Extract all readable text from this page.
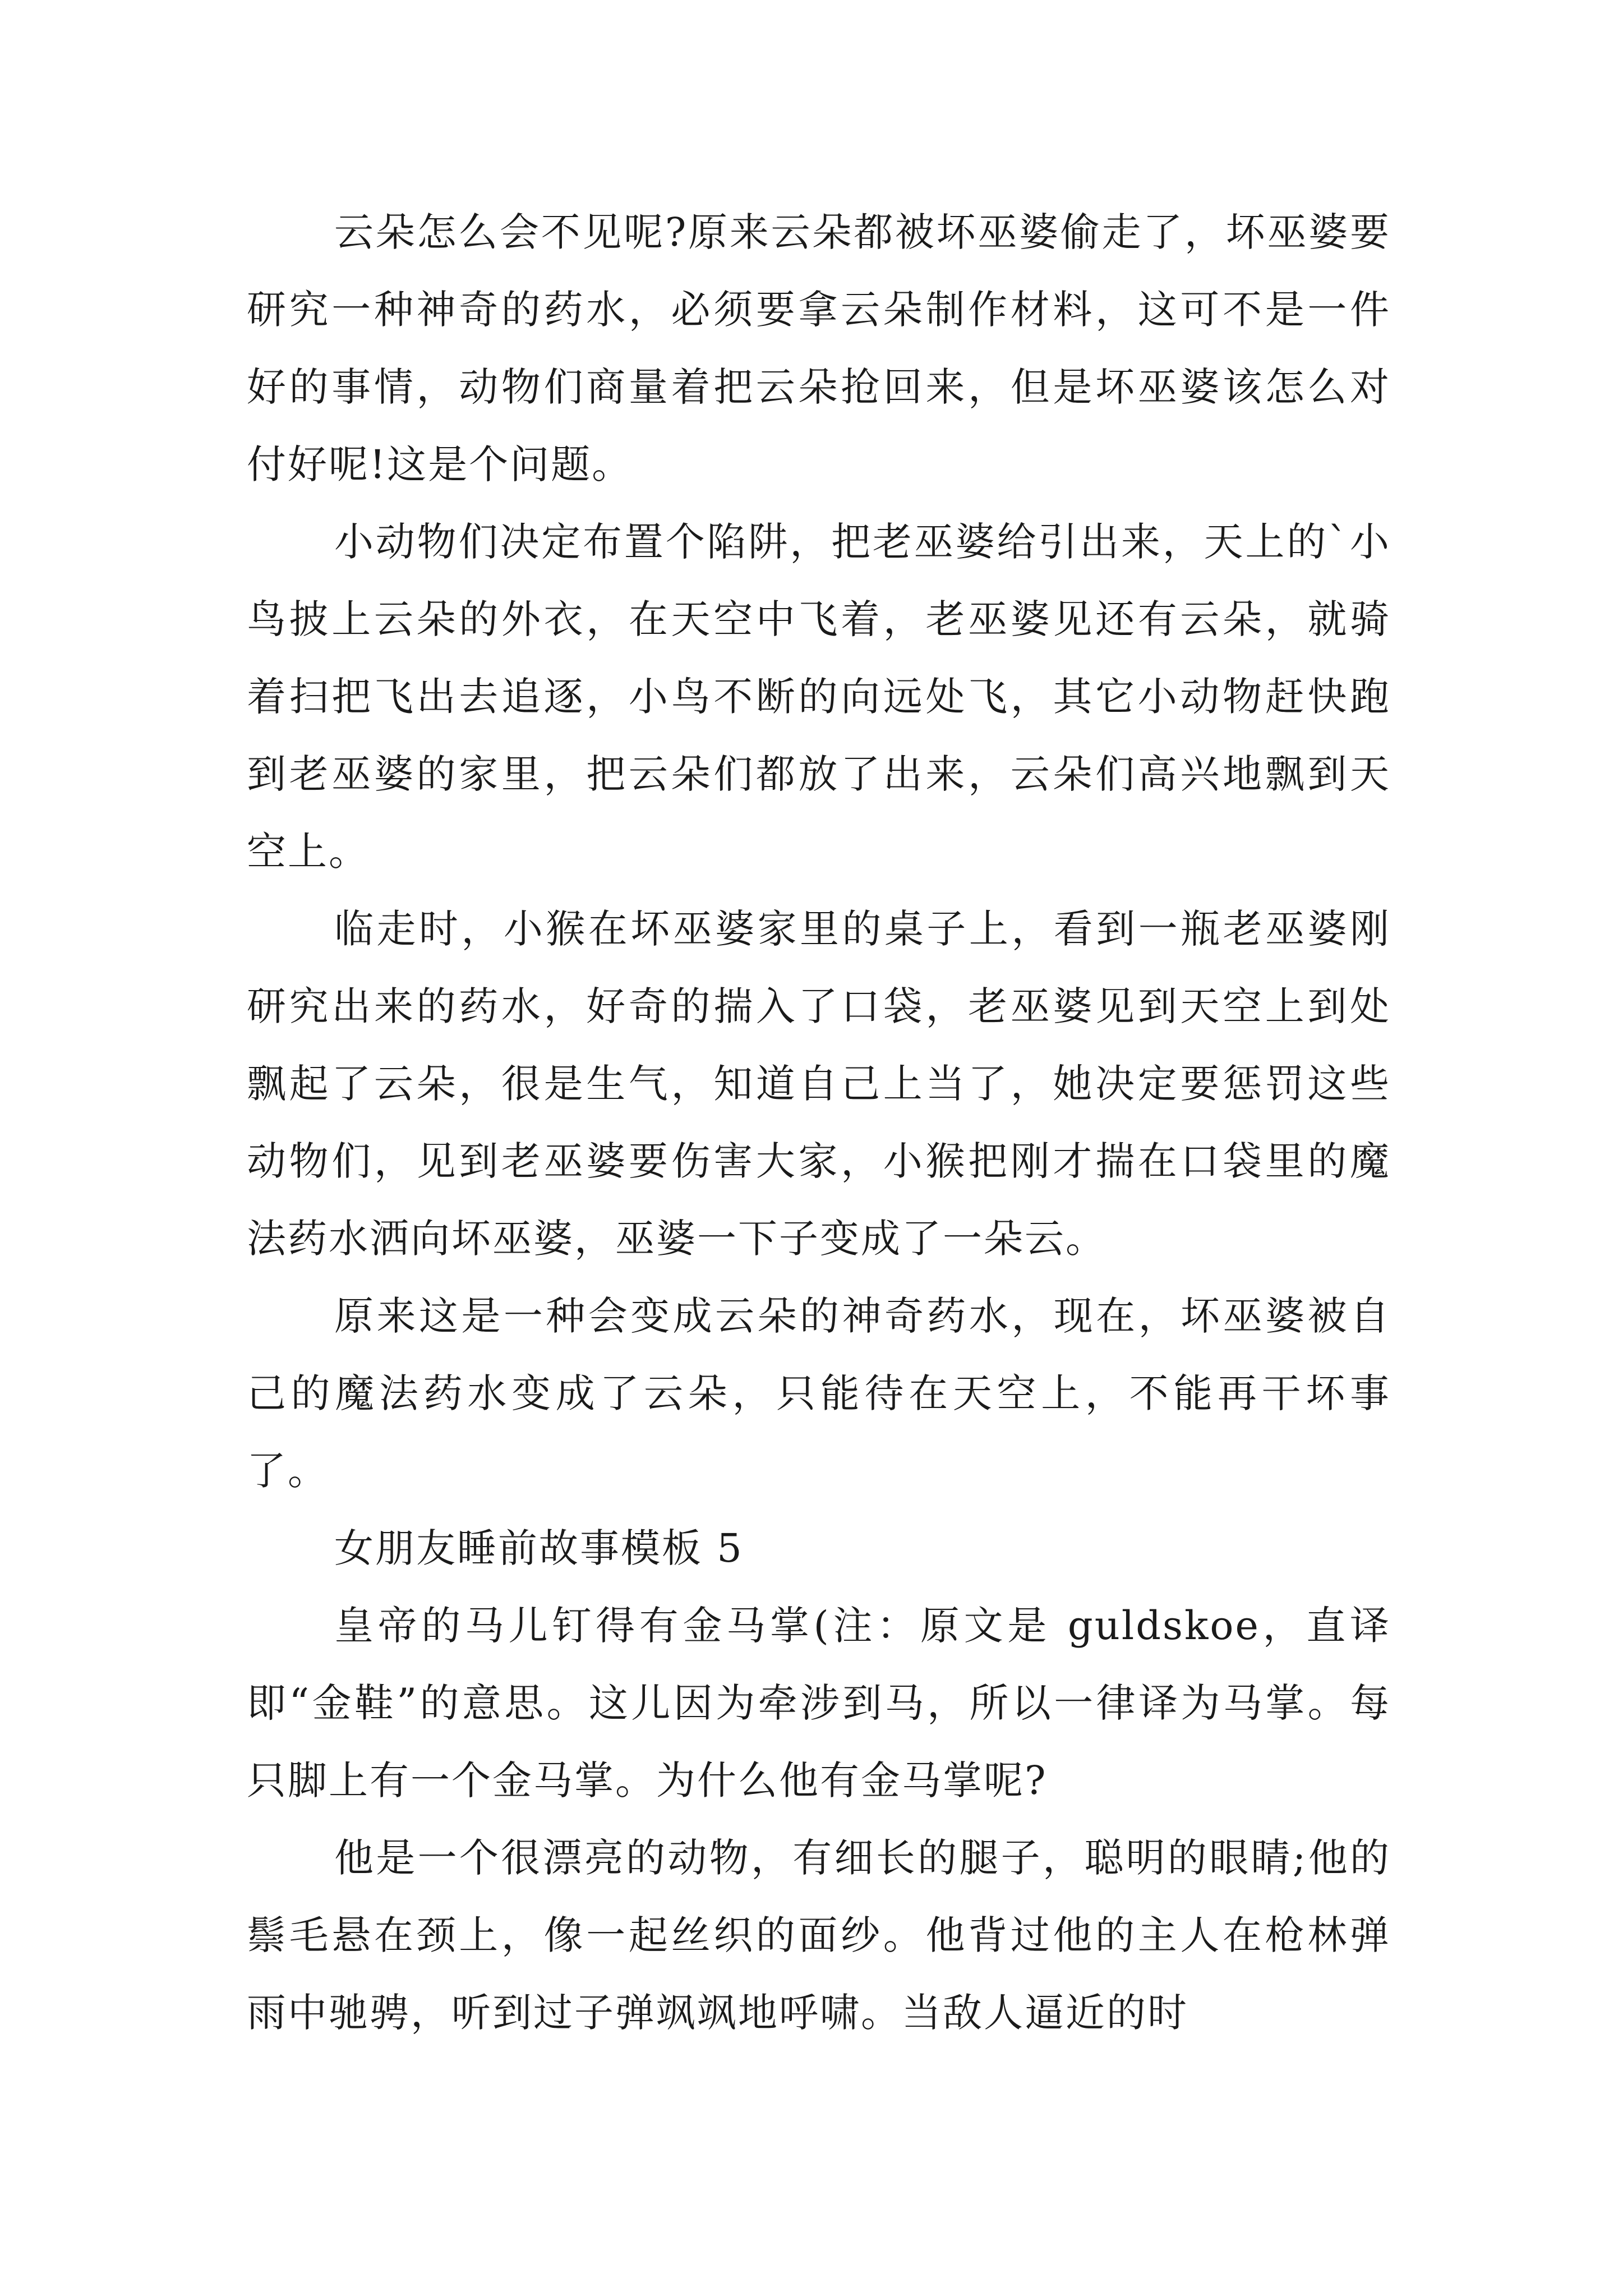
云朵怎么会不见呢?原来云朵都被坏巫婆偷走了，坏巫婆要研究一种神奇的药水，必须要拿云朵制作材料，这可不是一件好的事情，动物们商量着把云朵抢回来，但是坏巫婆该怎么对付好呢!这是个问题。

小动物们决定布置个陷阱，把老巫婆给引出来，天上的`小鸟披上云朵的外衣，在天空中飞着，老巫婆见还有云朵，就骑着扫把飞出去追逐，小鸟不断的向远处飞，其它小动物赶快跑到老巫婆的家里，把云朵们都放了出来，云朵们高兴地飘到天空上。

临走时，小猴在坏巫婆家里的桌子上，看到一瓶老巫婆刚研究出来的药水，好奇的揣入了口袋，老巫婆见到天空上到处飘起了云朵，很是生气，知道自己上当了，她决定要惩罚这些动物们，见到老巫婆要伤害大家，小猴把刚才揣在口袋里的魔法药水洒向坏巫婆，巫婆一下子变成了一朵云。

原来这是一种会变成云朵的神奇药水，现在，坏巫婆被自己的魔法药水变成了云朵，只能待在天空上，不能再干坏事了。

女朋友睡前故事模板 5

皇帝的马儿钉得有金马掌(注：原文是 guldskoe，直译即“金鞋”的意思。这儿因为牵涉到马，所以一律译为马掌。每只脚上有一个金马掌。为什么他有金马掌呢?

他是一个很漂亮的动物，有细长的腿子，聪明的眼睛;他的鬃毛悬在颈上，像一起丝织的面纱。他背过他的主人在枪林弹雨中驰骋，听到过子弹飒飒地呼啸。当敌人逼近的时
